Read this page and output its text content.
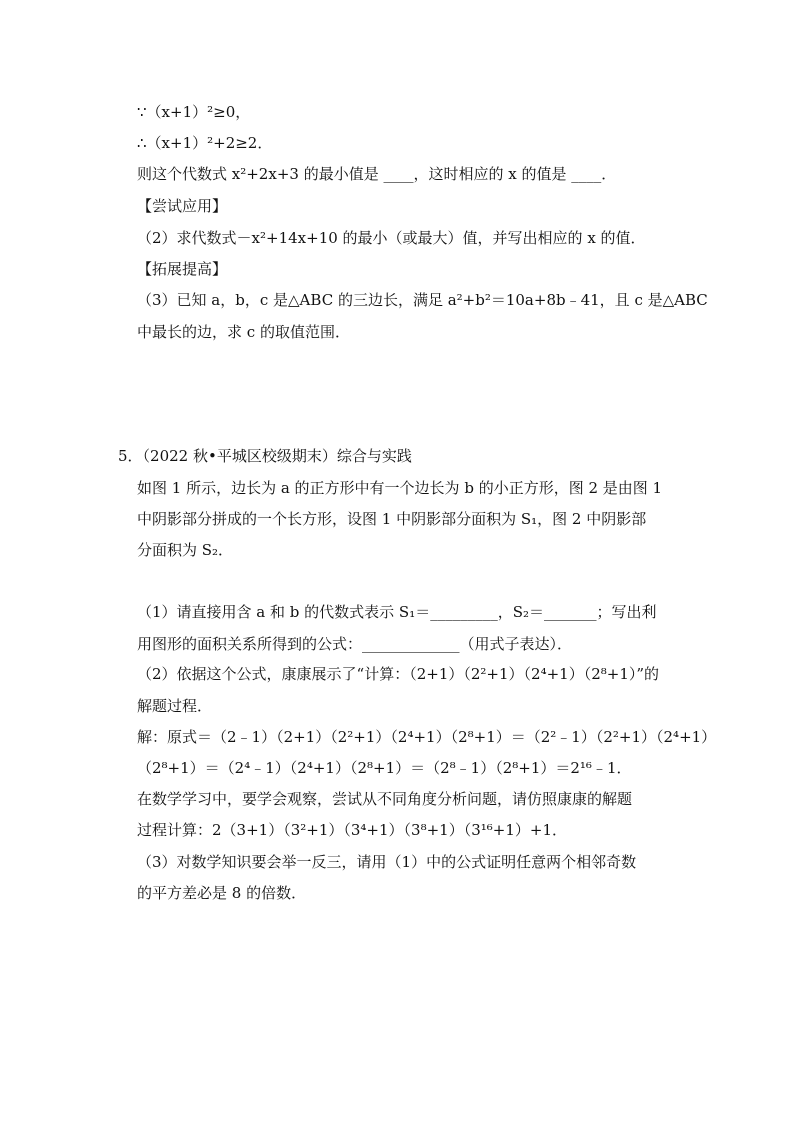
∵（x+1）²≥0，
∴（x+1）²+2≥2．
则这个代数式 x²+2x+3 的最小值是 ____，这时相应的 x 的值是 ____．
【尝试应用】
（2）求代数式－x²+14x+10 的最小（或最大）值，并写出相应的 x 的值．
【拓展提高】
（3）已知 a，b，c 是△ABC 的三边长，满足 a²+b²＝10a+8b﹣41，且 c 是△ABC
中最长的边，求 c 的取值范围．
5．（2022 秋•平城区校级期末）综合与实践
如图 1 所示，边长为 a 的正方形中有一个边长为 b 的小正方形，图 2 是由图 1
中阴影部分拼成的一个长方形，设图 1 中阴影部分面积为 S₁，图 2 中阴影部
分面积为 S₂．
（1）请直接用含 a 和 b 的代数式表示 S₁＝_________，S₂＝_______；写出利
用图形的面积关系所得到的公式：_____________（用式子表达）．
（2）依据这个公式，康康展示了“计算：（2+1）（2²+1）（2⁴+1）（2⁸+1）”的
解题过程．
解：原式＝（2﹣1）（2+1）（2²+1）（2⁴+1）（2⁸+1）＝（2²﹣1）（2²+1）（2⁴+1）
（2⁸+1）＝（2⁴﹣1）（2⁴+1）（2⁸+1）＝（2⁸﹣1）（2⁸+1）＝2¹⁶﹣1．
在数学学习中，要学会观察，尝试从不同角度分析问题，请仿照康康的解题
过程计算：2（3+1）（3²+1）（3⁴+1）（3⁸+1）（3¹⁶+1）+1．
（3）对数学知识要会举一反三，请用（1）中的公式证明任意两个相邻奇数
的平方差必是 8 的倍数．
